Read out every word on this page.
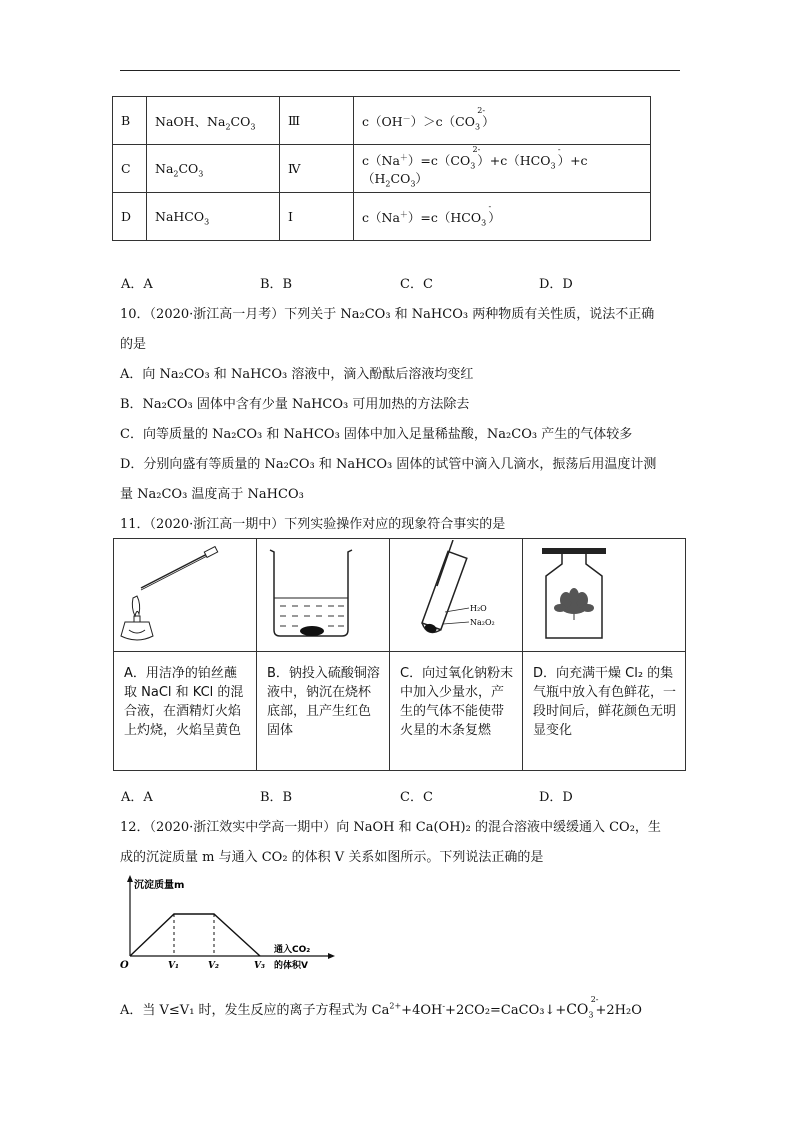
B	NaOH、$Na_2CO_3$	Ⅲ	$c(OH^-)>c(CO_3$
2-
）
C	$Na_2CO_3$	Ⅳ	$c(Na^+)=c(CO_3$
2-
）$+c(HCO_3$
-
）$+c(H_2CO_3)$
D	NaHCO$_3$	Ⅰ	$c(Na^+)=c(HCO_3$
-
）
A．A	B．B	C．C	D．D
10．（2020·浙江高一月考）下列关于 Na₂CO₃ 和 NaHCO₃ 两种物质有关性质，说法不正确
的是
A．向 Na₂CO₃ 和 NaHCO₃ 溶液中，滴入酚酞后溶液均变红
B．Na₂CO₃ 固体中含有少量 NaHCO₃ 可用加热的方法除去
C．向等质量的 Na₂CO₃ 和 NaHCO₃ 固体中加入足量稀盐酸，Na₂CO₃ 产生的气体较多
D．分别向盛有等质量的 Na₂CO₃ 和 NaHCO₃ 固体的试管中滴入几滴水，振荡后用温度计测
量 Na₂CO₃ 温度高于 NaHCO₃
11．（2020·浙江高一期中）下列实验操作对应的现象符合事实的是

H₂O
Na₂O₂

A．用洁净的铂丝蘸取 NaCl 和 KCl 的混合液，在酒精灯火焰上灼烧，火焰呈黄色	B．钠投入硫酸铜溶液中，钠沉在烧杯底部，且产生红色固体	C．向过氧化钠粉末中加入少量水，产生的气体不能使带火星的木条复燃	D．向充满干燥 Cl₂ 的集气瓶中放入有色鲜花，一段时间后，鲜花颜色无明显变化
A．A	B．B	C．C	D．D
12．（2020·浙江效实中学高一期中）向 NaOH 和 Ca(OH)₂ 的混合溶液中缓缓通入 CO₂，生
成的沉淀质量 m 与通入 CO₂ 的体积 V 关系如图所示。下列说法正确的是
沉淀质量m
O	V₁	V₂	V₃
通入CO₂
的体积V
A．当 V≤V₁ 时，发生反应的离子方程式为 $Ca^{2+}+4OH^-+2CO_2=CaCO_3↓+CO_3$
2-
+2H₂O
